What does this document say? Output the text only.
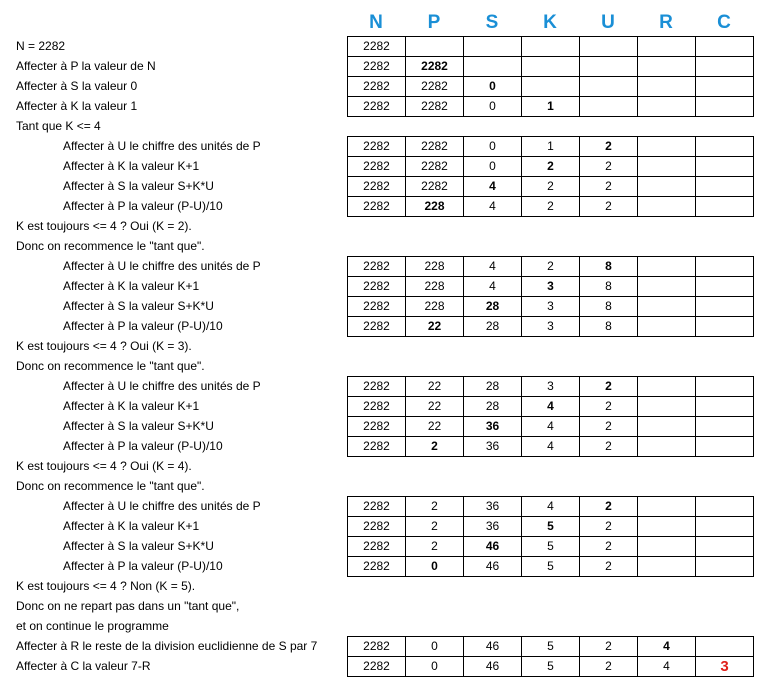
N	P	S	K	U	R	C
N = 2282
Affecter à P la valeur de N
Affecter à S la valeur 0
Affecter à K la valeur 1
Tant que K <= 4
Affecter à U le chiffre des unités de P
Affecter à K la valeur K+1
Affecter à S la valeur S+K*U
Affecter à P la valeur (P-U)/10
K est toujours <= 4 ? Oui (K = 2).
Donc on recommence le "tant que".
Affecter à U le chiffre des unités de P
Affecter à K la valeur K+1
Affecter à S la valeur S+K*U
Affecter à P la valeur (P-U)/10
K est toujours <= 4 ? Oui (K = 3).
Donc on recommence le "tant que".
Affecter à U le chiffre des unités de P
Affecter à K la valeur K+1
Affecter à S la valeur S+K*U
Affecter à P la valeur (P-U)/10
K est toujours <= 4 ? Oui (K = 4).
Donc on recommence le "tant que".
Affecter à U le chiffre des unités de P
Affecter à K la valeur K+1
Affecter à S la valeur S+K*U
Affecter à P la valeur (P-U)/10
K est toujours <= 4 ? Non (K = 5).
Donc on ne repart pas dans un "tant que",
et on continue le programme
Affecter à R le reste de la division euclidienne de S par 7
Affecter à C la valeur 7-R
2282						
2282	2282					
2282	2282	0				
2282	2282	0	1			
2282	2282	0	1	2		
2282	2282	0	2	2		
2282	2282	4	2	2		
2282	228	4	2	2		
2282	228	4	2	8		
2282	228	4	3	8		
2282	228	28	3	8		
2282	22	28	3	8		
2282	22	28	3	2		
2282	22	28	4	2		
2282	22	36	4	2		
2282	2	36	4	2		
2282	2	36	4	2		
2282	2	36	5	2		
2282	2	46	5	2		
2282	0	46	5	2		
2282	0	46	5	2	4	
2282	0	46	5	2	4	3
